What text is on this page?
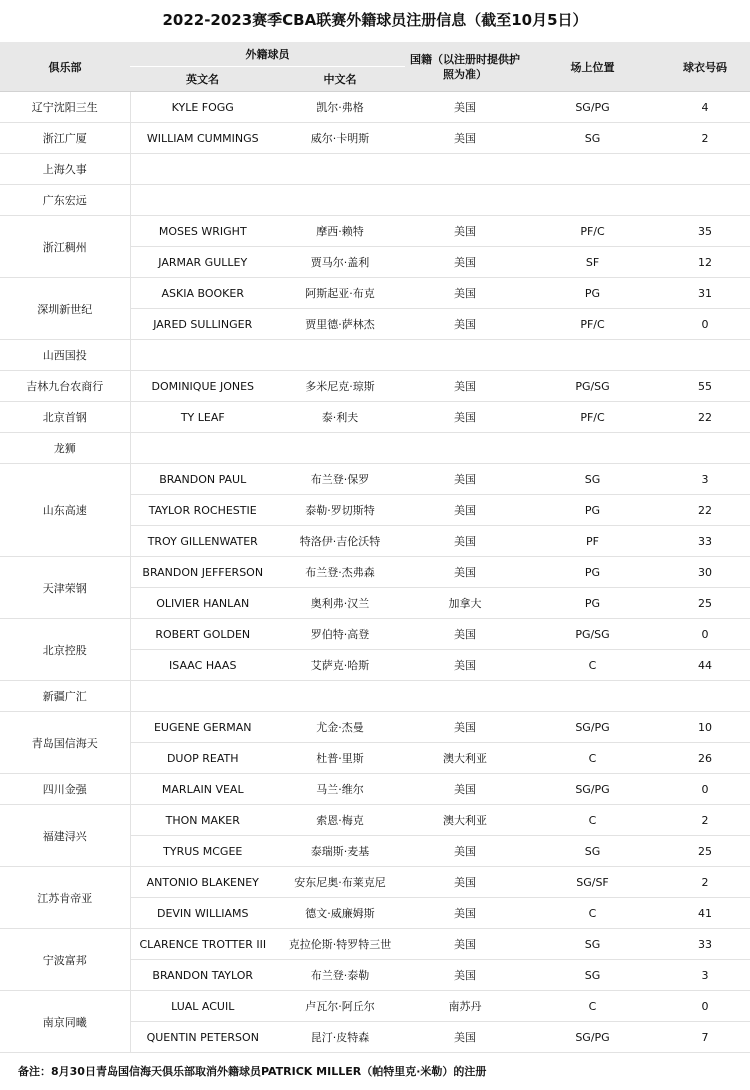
2022-2023赛季CBA联赛外籍球员注册信息（截至10月5日）
俱乐部	外籍球员		国籍（以注册时提供护
照为准）	场上位置	球衣号码
	英文名	中文名			
辽宁沈阳三生	KYLE FOGG	凯尔·弗格	美国	SG/PG	4
浙江广厦	WILLIAM CUMMINGS	威尔·卡明斯	美国	SG	2
上海久事					
广东宏远					
浙江稠州	MOSES WRIGHT	摩西·赖特	美国	PF/C	35
	JARMAR GULLEY	贾马尔·盖利	美国	SF	12
深圳新世纪	ASKIA BOOKER	阿斯起亚·布克	美国	PG	31
	JARED SULLINGER	贾里德·萨林杰	美国	PF/C	0
山西国投					
吉林九台农商行	DOMINIQUE JONES	多米尼克·琼斯	美国	PG/SG	55
北京首钢	TY LEAF	泰·利夫	美国	PF/C	22
龙狮					
山东高速	BRANDON PAUL	布兰登·保罗	美国	SG	3
	TAYLOR ROCHESTIE	泰勒·罗切斯特	美国	PG	22
	TROY GILLENWATER	特洛伊·吉伦沃特	美国	PF	33
天津荣钢	BRANDON JEFFERSON	布兰登·杰弗森	美国	PG	30
	OLIVIER HANLAN	奥利弗·汉兰	加拿大	PG	25
北京控股	ROBERT GOLDEN	罗伯特·高登	美国	PG/SG	0
	ISAAC HAAS	艾萨克·哈斯	美国	C	44
新疆广汇					
青岛国信海天	EUGENE GERMAN	尤金·杰曼	美国	SG/PG	10
	DUOP REATH	杜普·里斯	澳大利亚	C	26
四川金强	MARLAIN VEAL	马兰·维尔	美国	SG/PG	0
福建浔兴	THON MAKER	索恩·梅克	澳大利亚	C	2
	TYRUS MCGEE	泰瑞斯·麦基	美国	SG	25
江苏肯帝亚	ANTONIO BLAKENEY	安东尼奥·布莱克尼	美国	SG/SF	2
	DEVIN WILLIAMS	德文·威廉姆斯	美国	C	41
宁波富邦	CLARENCE TROTTER III	克拉伦斯·特罗特三世	美国	SG	33
	BRANDON TAYLOR	布兰登·泰勒	美国	SG	3
南京同曦	LUAL ACUIL	卢瓦尔·阿丘尔	南苏丹	C	0
	QUENTIN PETERSON	昆汀·皮特森	美国	SG/PG	7
备注：8月30日青岛国信海天俱乐部取消外籍球员PATRICK MILLER（帕特里克·米勒）的注册
